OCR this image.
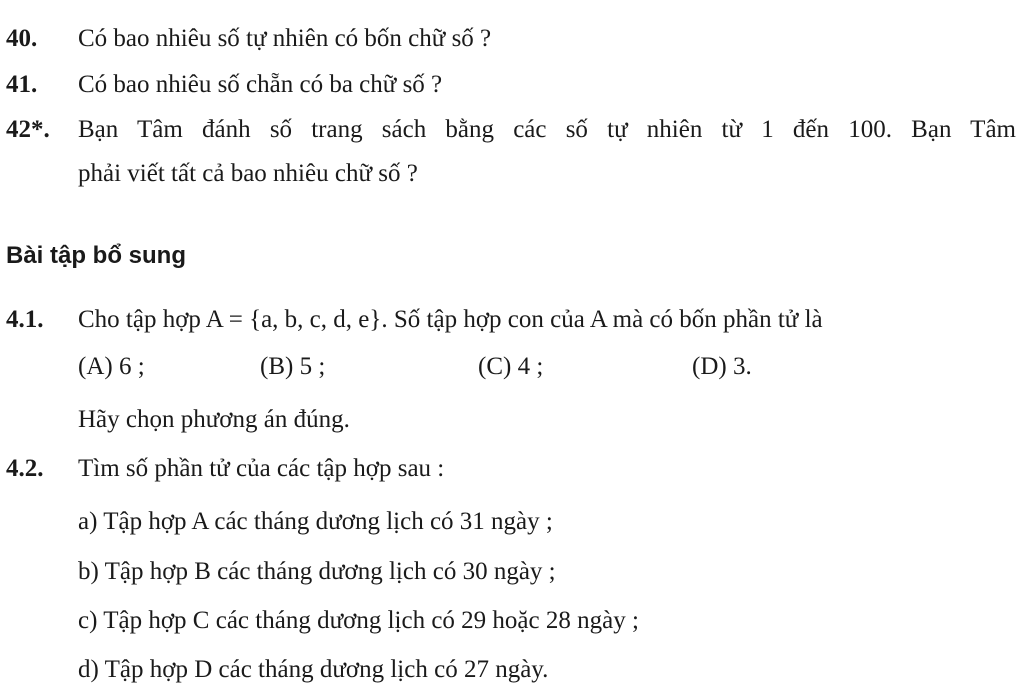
40. Có bao nhiêu số tự nhiên có bốn chữ số ?
41. Có bao nhiêu số chẵn có ba chữ số ?
42*. Bạn Tâm đánh số trang sách bằng các số tự nhiên từ 1 đến 100. Bạn Tâm
phải viết tất cả bao nhiêu chữ số ?
Bài tập bổ sung
4.1. Cho tập hợp A = {a, b, c, d, e}. Số tập hợp con của A mà có bốn phần tử là
(A) 6 ;	(B) 5 ;	(C) 4 ;	(D) 3.
Hãy chọn phương án đúng.
4.2. Tìm số phần tử của các tập hợp sau :
a) Tập hợp A các tháng dương lịch có 31 ngày ;
b) Tập hợp B các tháng dương lịch có 30 ngày ;
c) Tập hợp C các tháng dương lịch có 29 hoặc 28 ngày ;
d) Tập hợp D các tháng dương lịch có 27 ngày.
